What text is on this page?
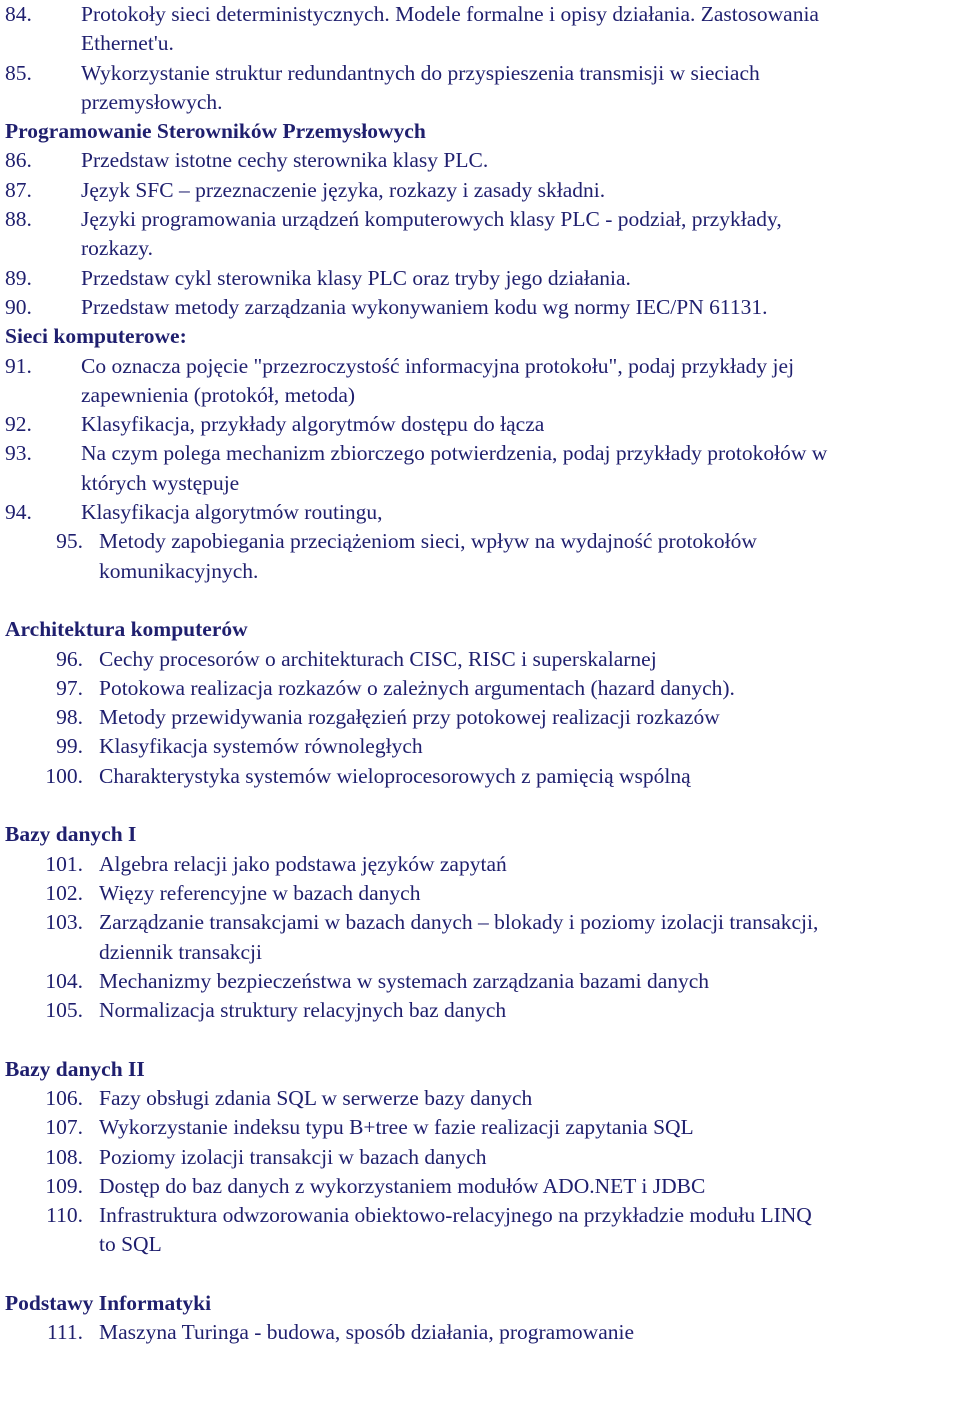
84.	Protokoły sieci deterministycznych. Modele formalne i opisy działania. Zastosowania
Ethernet'u.
85.	Wykorzystanie struktur redundantnych do przyspieszenia transmisji w sieciach
przemysłowych.
Programowanie Sterowników Przemysłowych
86.	Przedstaw istotne cechy sterownika klasy PLC.
87.	Język SFC – przeznaczenie języka, rozkazy i zasady składni.
88.	Języki programowania urządzeń komputerowych klasy PLC - podział, przykłady,
rozkazy.
89.	Przedstaw cykl sterownika klasy PLC oraz tryby jego działania.
90.	Przedstaw metody zarządzania wykonywaniem kodu wg normy IEC/PN 61131.
Sieci komputerowe:
91.	Co oznacza pojęcie "przezroczystość informacyjna protokołu", podaj przykłady jej
zapewnienia (protokół, metoda)
92.	Klasyfikacja, przykłady algorytmów dostępu do łącza
93.	Na czym polega mechanizm zbiorczego potwierdzenia, podaj przykłady protokołów w
których występuje
94.	Klasyfikacja algorytmów routingu,
95. Metody zapobiegania przeciążeniom sieci, wpływ na wydajność protokołów
komunikacyjnych.
Architektura komputerów
96. Cechy procesorów o architekturach CISC, RISC i superskalarnej
97. Potokowa realizacja rozkazów o zależnych argumentach (hazard danych).
98. Metody przewidywania rozgałęzień przy potokowej realizacji rozkazów
99. Klasyfikacja systemów równoległych
100. Charakterystyka systemów wieloprocesorowych z pamięcią wspólną
Bazy danych I
101. Algebra relacji jako podstawa języków zapytań
102. Więzy referencyjne w bazach danych
103. Zarządzanie transakcjami w bazach danych – blokady i poziomy izolacji transakcji,
dziennik transakcji
104. Mechanizmy bezpieczeństwa w systemach zarządzania bazami danych
105. Normalizacja struktury relacyjnych baz danych
Bazy danych II
106. Fazy obsługi zdania SQL w serwerze bazy danych
107. Wykorzystanie indeksu typu B+tree w fazie realizacji zapytania SQL
108. Poziomy izolacji transakcji w bazach danych
109. Dostęp do baz danych z wykorzystaniem modułów ADO.NET i JDBC
110. Infrastruktura odwzorowania obiektowo-relacyjnego na przykładzie modułu LINQ
to SQL
Podstawy Informatyki
111. Maszyna Turinga - budowa, sposób działania, programowanie
